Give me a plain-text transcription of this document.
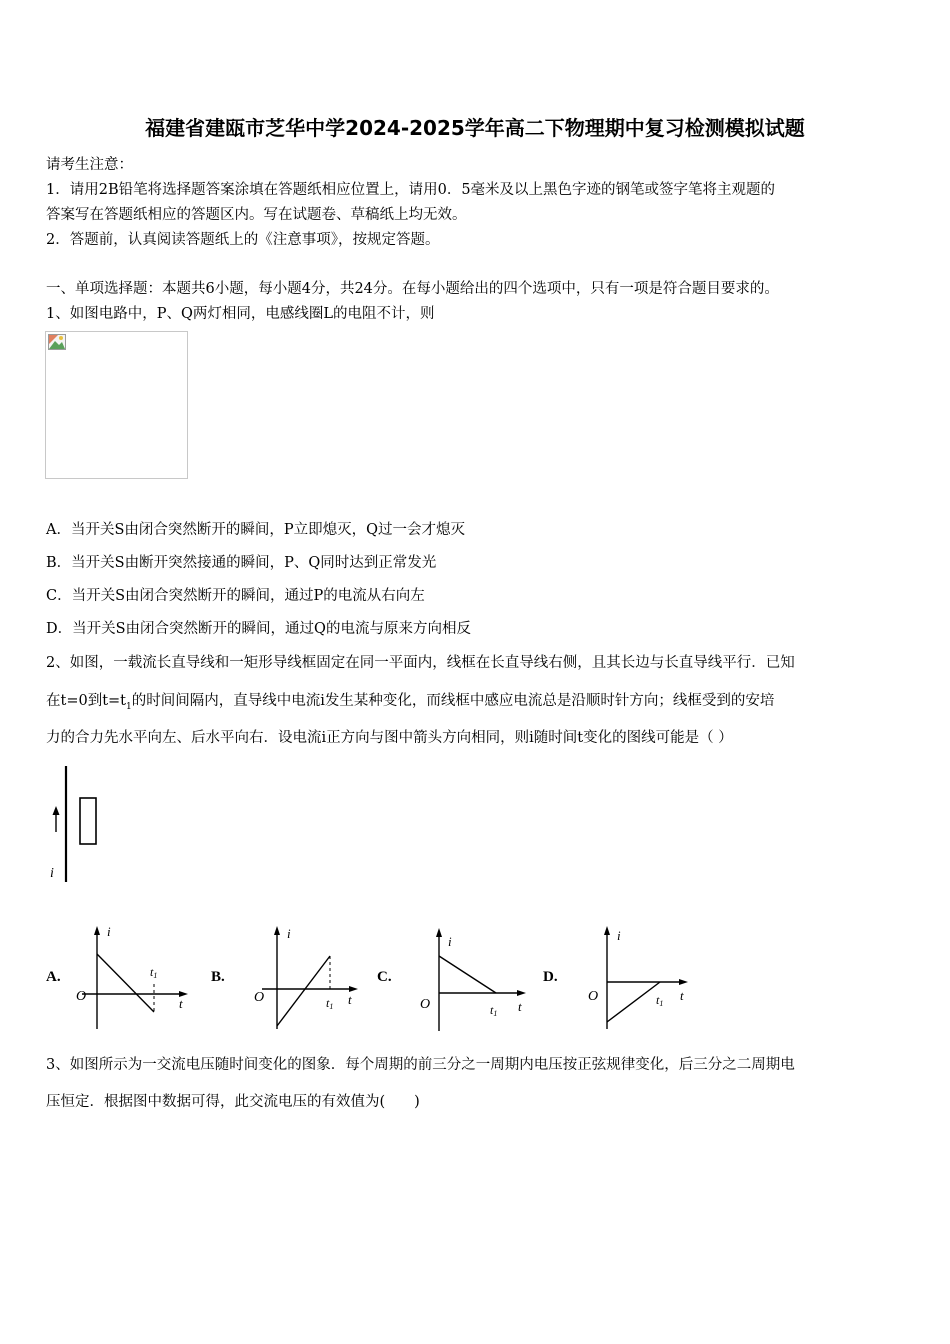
福建省建瓯市芝华中学2024-2025学年高二下物理期中复习检测模拟试题
请考生注意：
1．请用2B铅笔将选择题答案涂填在答题纸相应位置上，请用0．5毫米及以上黑色字迹的钢笔或签字笔将主观题的
答案写在答题纸相应的答题区内。写在试题卷、草稿纸上均无效。
2．答题前，认真阅读答题纸上的《注意事项》，按规定答题。
一、单项选择题：本题共6小题，每小题4分，共24分。在每小题给出的四个选项中，只有一项是符合题目要求的。
1、如图电路中，P、Q两灯相同，电感线圈L的电阻不计，则
A．当开关S由闭合突然断开的瞬间，P立即熄灭，Q过一会才熄灭
B．当开关S由断开突然接通的瞬间，P、Q同时达到正常发光
C．当开关S由闭合突然断开的瞬间，通过P的电流从右向左
D．当开关S由闭合突然断开的瞬间，通过Q的电流与原来方向相反
2、如图，一载流长直导线和一矩形导线框固定在同一平面内，线框在长直导线右侧，且其长边与长直导线平行．已知
在t=0到$t=t_1$的时间间隔内，直导线中电流i发生某种变化，而线框中感应电流总是沿顺时针方向；线框受到的安培
力的合力先水平向左、后水平向右．设电流i正方向与图中箭头方向相同，则i随时间t变化的图线可能是（ ）
i
A.
i
O	t
t1	B.
i
O	t
t1
C.
i
O	t
t1
D.
i
O	t
t1
3、如图所示为一交流电压随时间变化的图象．每个周期的前三分之一周期内电压按正弦规律变化，后三分之二周期电
压恒定．根据图中数据可得，此交流电压的有效值为(　　)
